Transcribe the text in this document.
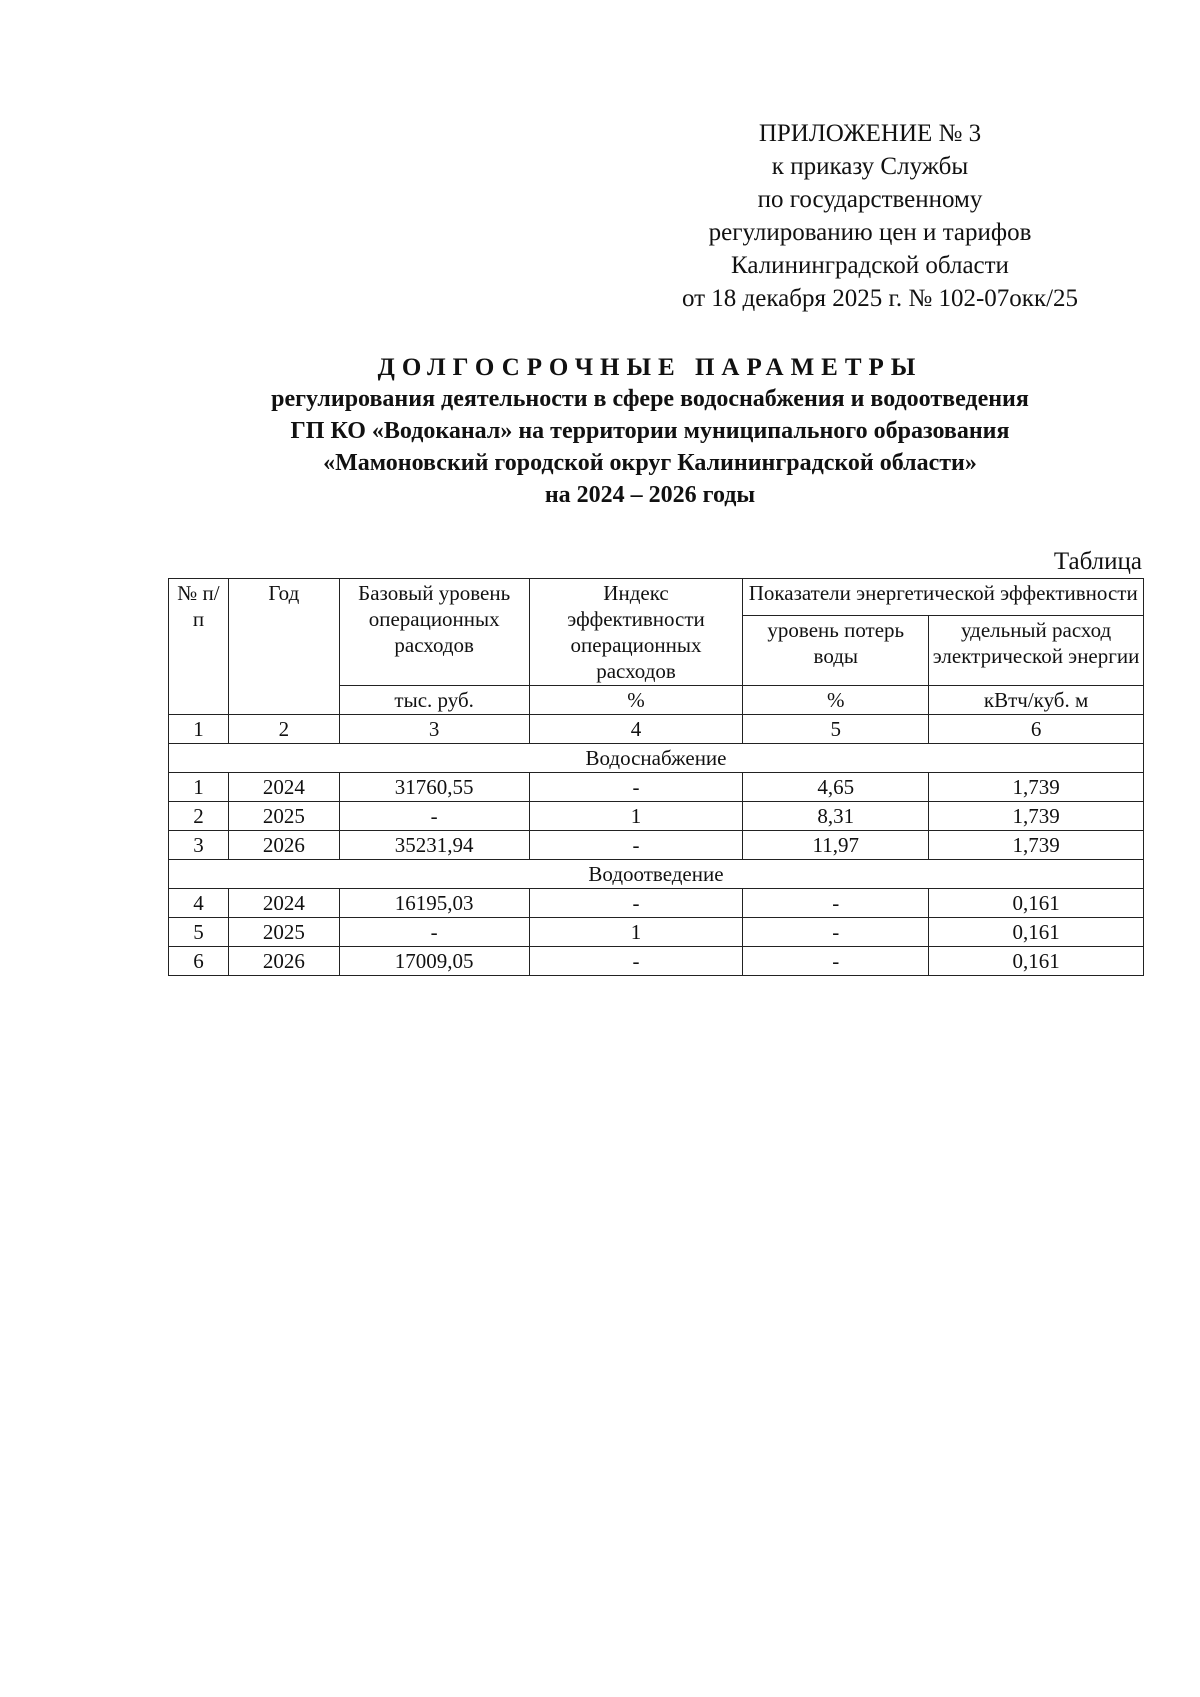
ПРИЛОЖЕНИЕ № 3
к приказу Службы
по государственному
регулированию цен и тарифов
Калининградской области
от 18 декабря 2025 г. № 102-07окк/25
ДОЛГОСРОЧНЫЕ ПАРАМЕТРЫ
регулирования деятельности в сфере водоснабжения и водоотведения
ГП КО «Водоканал» на территории муниципального образования
«Мамоновский городской округ Калининградской области»
на 2024 – 2026 годы
Таблица
№ п/п	Год	Базовый уровень операционных расходов	Индекс эффективности операционных расходов	Показатели энергетической эффективности	
				уровень потерь воды	удельный расход электрической энергии
		тыс. руб.	%	%	кВтч/куб. м
1	2	3	4	5	6
Водоснабжение					
1	2024	31760,55	-	4,65	1,739
2	2025	-	1	8,31	1,739
3	2026	35231,94	-	11,97	1,739
Водоотведение					
4	2024	16195,03	-	-	0,161
5	2025	-	1	-	0,161
6	2026	17009,05	-	-	0,161
